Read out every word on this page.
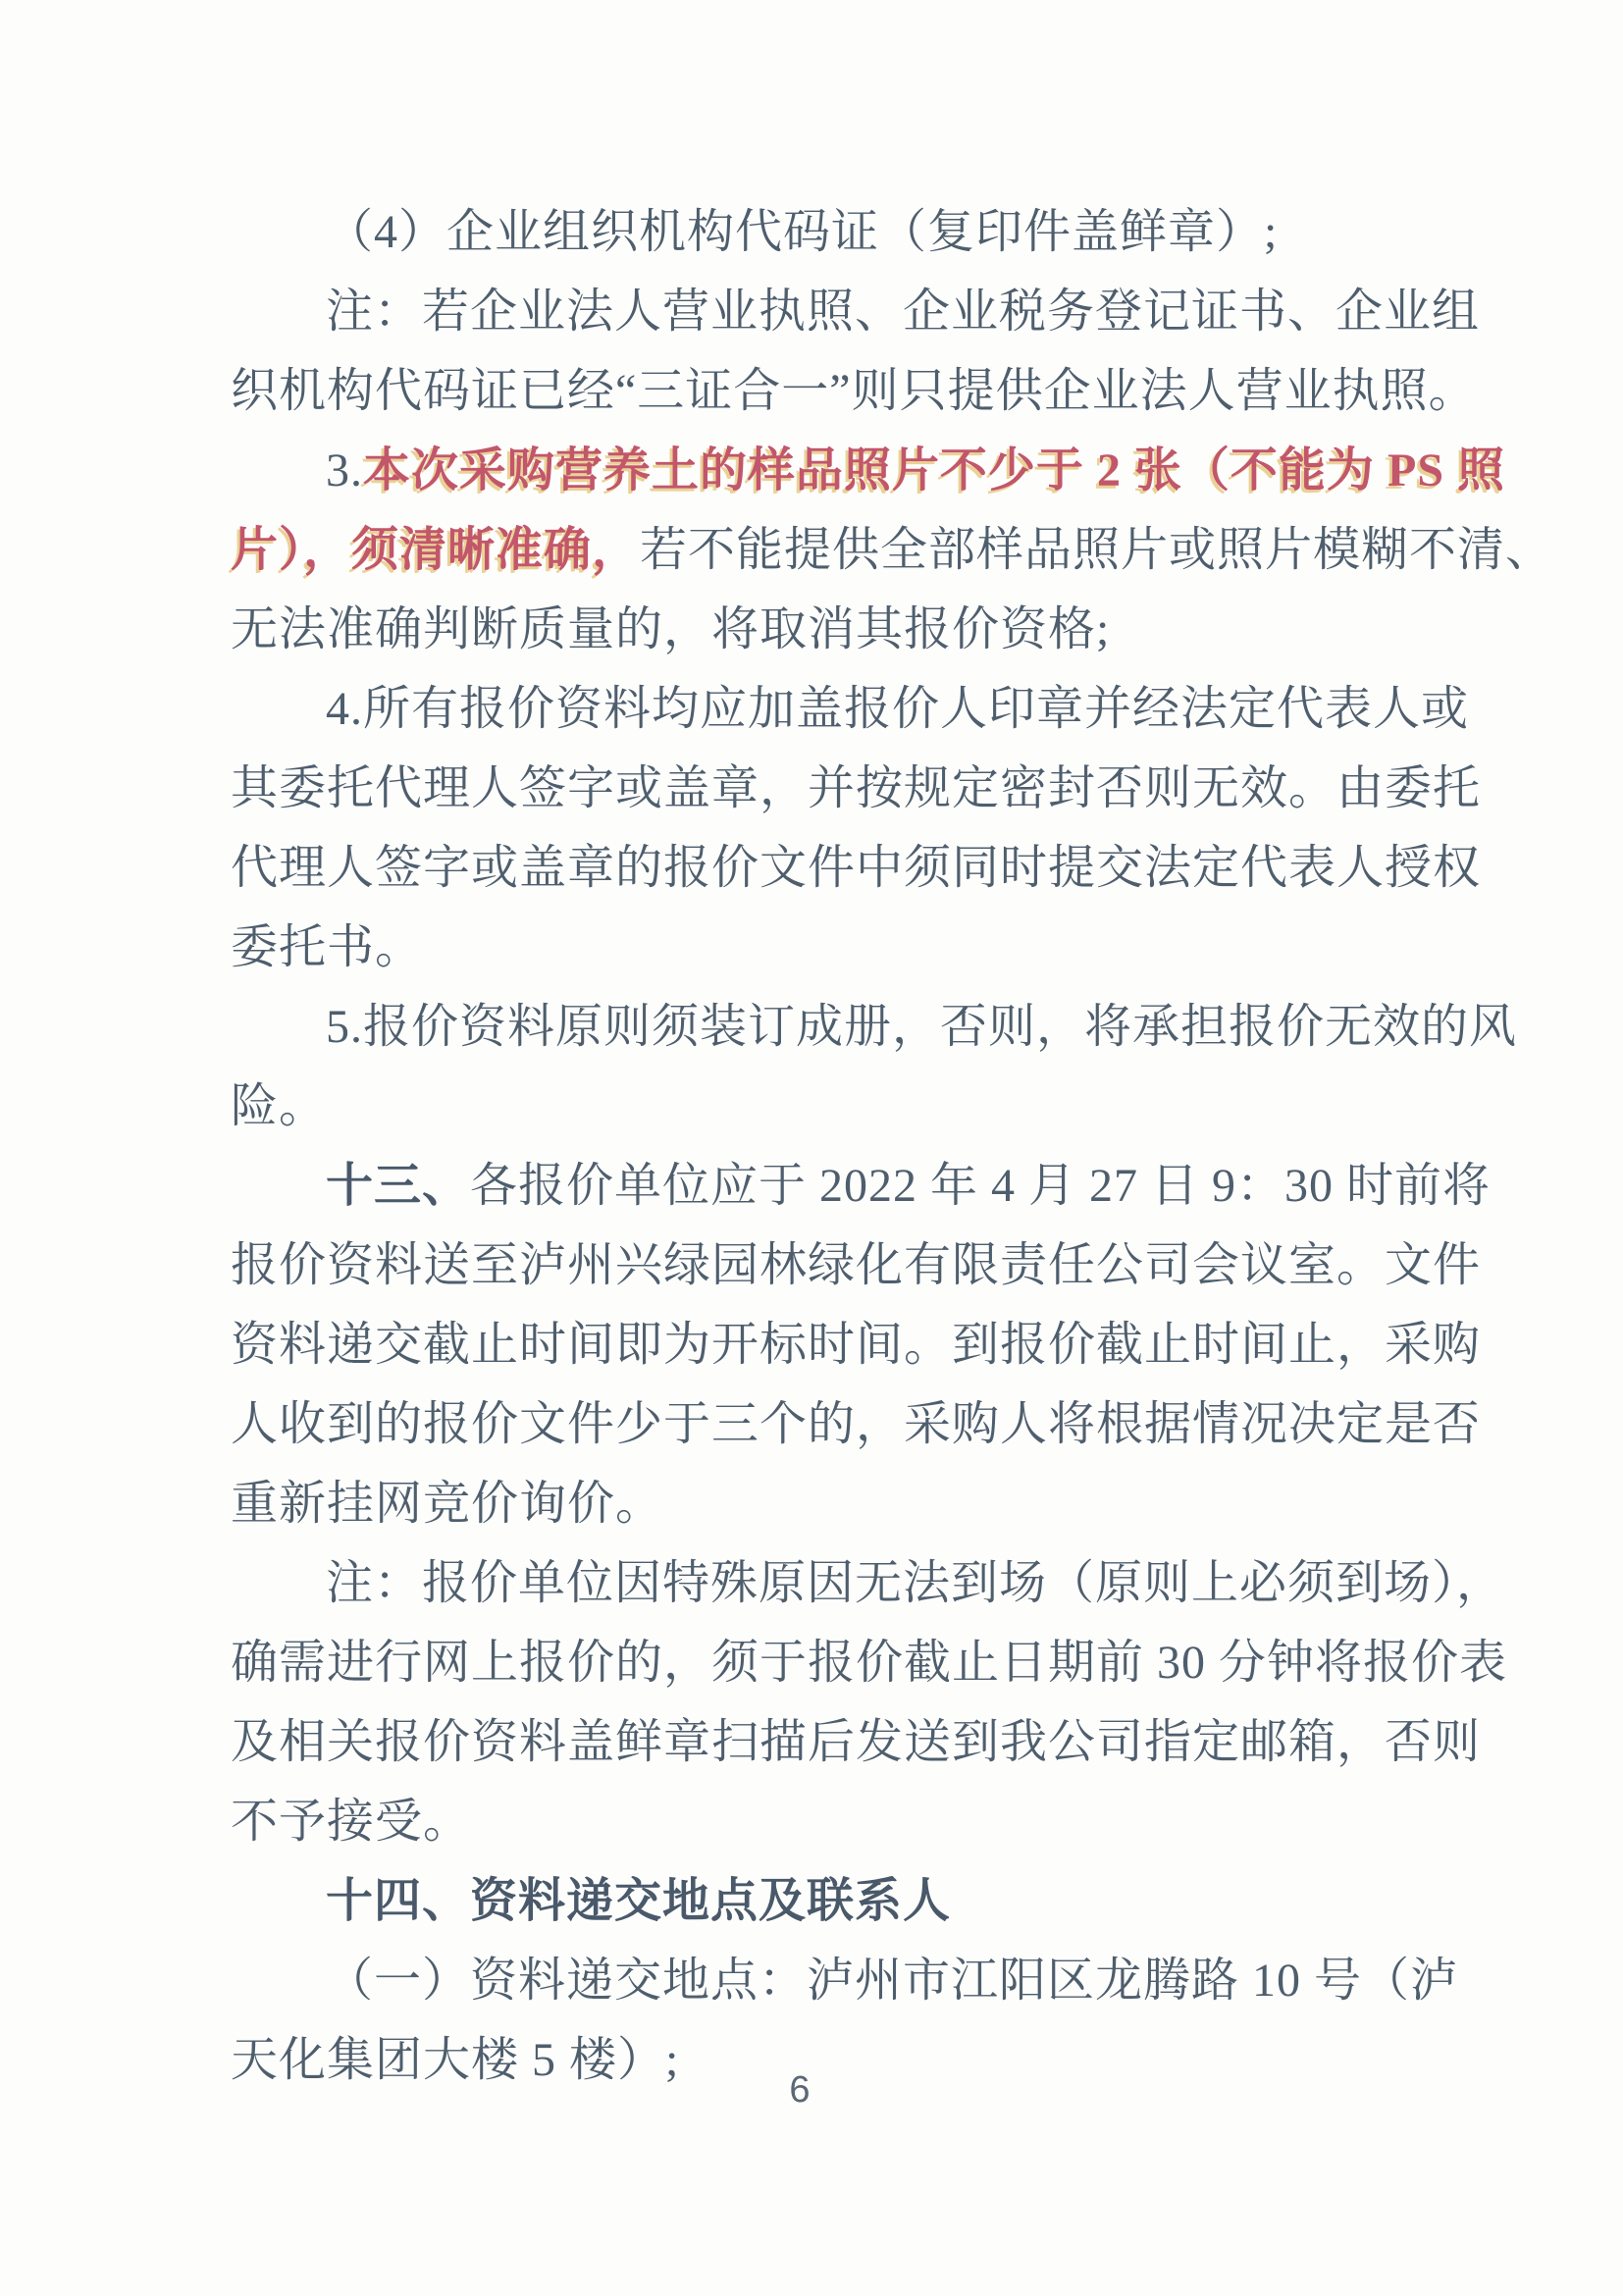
（4）企业组织机构代码证（复印件盖鲜章）;
注：若企业法人营业执照、企业税务登记证书、企业组
织机构代码证已经“三证合一”则只提供企业法人营业执照。
3.本次采购营养土的样品照片不少于 2 张（不能为 PS 照
片），须清晰准确，若不能提供全部样品照片或照片模糊不清、
无法准确判断质量的，将取消其报价资格;
4.所有报价资料均应加盖报价人印章并经法定代表人或
其委托代理人签字或盖章，并按规定密封否则无效。由委托
代理人签字或盖章的报价文件中须同时提交法定代表人授权
委托书。
5.报价资料原则须装订成册，否则，将承担报价无效的风
险。
十三、各报价单位应于 2022 年 4 月 27 日 9：30 时前将
报价资料送至泸州兴绿园林绿化有限责任公司会议室。文件
资料递交截止时间即为开标时间。到报价截止时间止，采购
人收到的报价文件少于三个的，采购人将根据情况决定是否
重新挂网竞价询价。
注：报价单位因特殊原因无法到场（原则上必须到场），
确需进行网上报价的，须于报价截止日期前 30 分钟将报价表
及相关报价资料盖鲜章扫描后发送到我公司指定邮箱，否则
不予接受。
十四、资料递交地点及联系人
（一）资料递交地点：泸州市江阳区龙腾路 10 号（泸
天化集团大楼 5 楼）;
6
